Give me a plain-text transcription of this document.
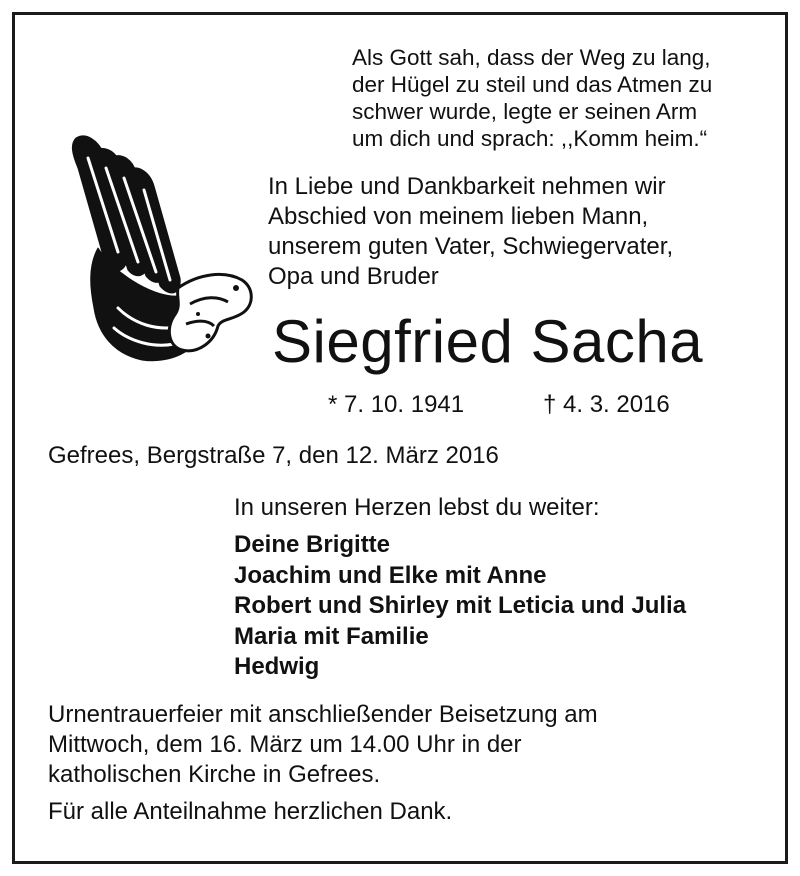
Als Gott sah, dass der Weg zu lang,
der Hügel zu steil und das Atmen zu
schwer wurde, legte er seinen Arm
um dich und sprach: ,,Komm heim.“
In Liebe und Dankbarkeit nehmen wir
Abschied von meinem lieben Mann,
unserem guten Vater, Schwiegervater,
Opa und Bruder
Siegfried Sacha
* 7. 10. 1941	† 4. 3. 2016
Gefrees, Bergstraße 7, den 12. März 2016
In unseren Herzen lebst du weiter:
Deine Brigitte
Joachim und Elke mit Anne
Robert und Shirley mit Leticia und Julia
Maria mit Familie
Hedwig
Urnentrauerfeier mit anschließender Beisetzung am
Mittwoch, dem 16. März um 14.00 Uhr in der
katholischen Kirche in Gefrees.
Für alle Anteilnahme herzlichen Dank.
